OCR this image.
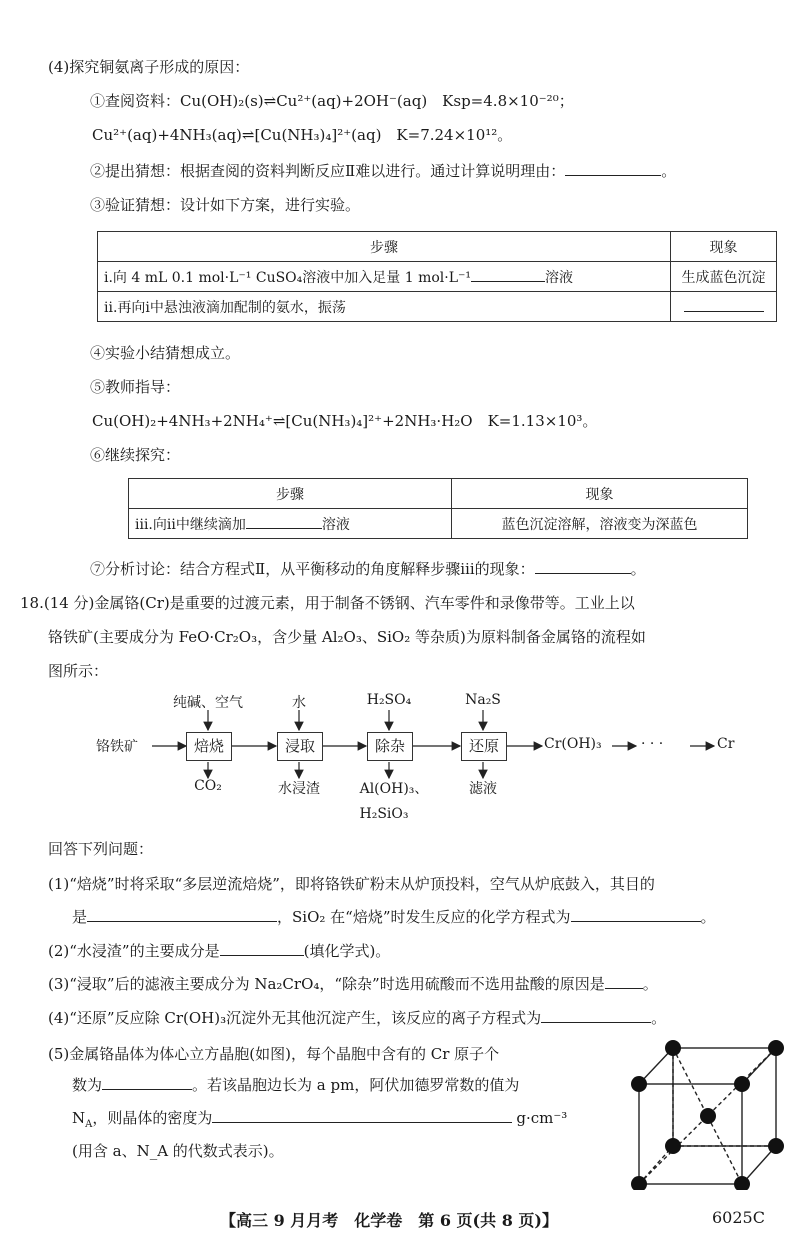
(4)探究铜氨离子形成的原因：
①查阅资料：Cu(OH)₂(s)⇌Cu²⁺(aq)+2OH⁻(aq)　Ksp=4.8×10⁻²⁰；
Cu²⁺(aq)+4NH₃(aq)⇌[Cu(NH₃)₄]²⁺(aq)　K=7.24×10¹²。
②提出猜想：根据查阅的资料判断反应Ⅱ难以进行。通过计算说明理由：	。
③验证猜想：设计如下方案，进行实验。
步骤	现象
ⅰ.向 4 mL 0.1 mol·L⁻¹ CuSO₄溶液中加入足量 1 mol·L⁻¹ 溶液	生成蓝色沉淀
ⅱ.再向ⅰ中悬浊液滴加配制的氨水，振荡	
④实验小结猜想成立。
⑤教师指导：
Cu(OH)₂+4NH₃+2NH₄⁺⇌[Cu(NH₃)₄]²⁺+2NH₃·H₂O　K=1.13×10³。
⑥继续探究：
步骤	现象
ⅲ.向ⅱ中继续滴加 溶液	蓝色沉淀溶解，溶液变为深蓝色
⑦分析讨论：结合方程式Ⅱ，从平衡移动的角度解释步骤ⅲ的现象：	。
18.(14 分)金属铬(Cr)是重要的过渡元素，用于制备不锈钢、汽车零件和录像带等。工业上以
铬铁矿(主要成分为 FeO·Cr₂O₃，含少量 Al₂O₃、SiO₂ 等杂质)为原料制备金属铬的流程如
图所示：
铬铁矿	焙烧	浸取	除杂	还原
纯碱、空气	水	H₂SO₄	Na₂S
CO₂	水浸渣	Al(OH)₃、	滤液
H₂SiO₃
Cr(OH)₃	· · ·	Cr
回答下列问题：
(1)“焙烧”时将采取“多层逆流焙烧”，即将铬铁矿粉末从炉顶投料，空气从炉底鼓入，其目的
是	，SiO₂ 在“焙烧”时发生反应的化学方程式为	。
(2)“水浸渣”的主要成分是	(填化学式)。
(3)“浸取”后的滤液主要成分为 Na₂CrO₄，“除杂”时选用硫酸而不选用盐酸的原因是	。
(4)“还原”反应除 Cr(OH)₃沉淀外无其他沉淀产生，该反应的离子方程式为	。
(5)金属铬晶体为体心立方晶胞(如图)，每个晶胞中含有的 Cr 原子个
数为	。若该晶胞边长为 a pm，阿伏加德罗常数的值为
$N_A$，则晶体的密度为	g·cm⁻³
(用含 a、N_A 的代数式表示)。
【高三 9 月月考　化学卷　第 6 页(共 8 页)】	6025C
